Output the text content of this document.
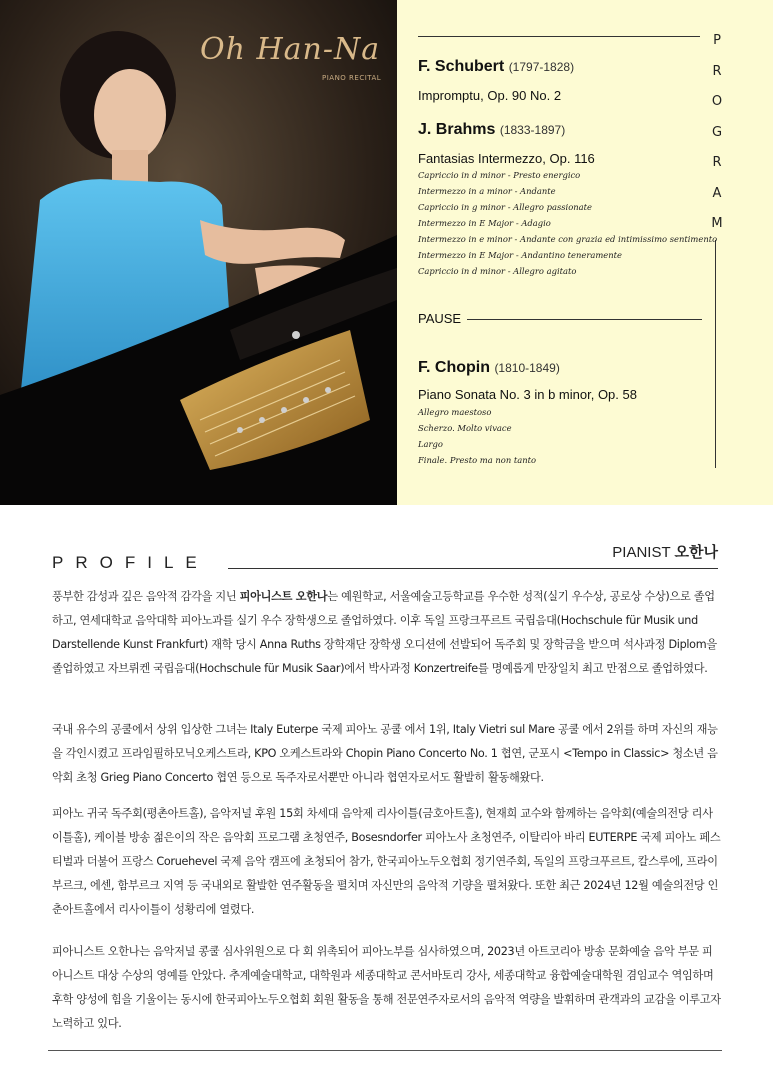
Oh Han-Na
PIANO RECITAL
P
R
O
G
R
A
M
F. Schubert (1797-1828)
Impromptu, Op. 90 No. 2
J. Brahms (1833-1897)
Fantasias Intermezzo, Op. 116
Capriccio in d minor - Presto energico
Intermezzo in a minor - Andante
Capriccio in g minor - Allegro passionate
Intermezzo in E Major - Adagio
Intermezzo in e minor - Andante con grazia ed intimissimo sentimento
Intermezzo in E Major - Andantino teneramente
Capriccio in d minor - Allegro agitato
PAUSE
F. Chopin (1810-1849)
Piano Sonata No. 3 in b minor, Op. 58
Allegro maestoso
Scherzo. Molto vivace
Largo
Finale. Presto ma non tanto
PROFILE
PIANIST 오한나

풍부한 감성과 깊은 음악적 감각을 지닌 피아니스트 오한나는 예원학교, 서울예술고등학교를 우수한 성적(실기 우수상, 공로상 수상)으로 졸업하고, 연세대학교 음악대학 피아노과를 실기 우수 장학생으로 졸업하였다. 이후 독일 프랑크푸르트 국립음대(Hochschule für Musik und Darstellende Kunst Frankfurt) 재학 당시 Anna Ruths 장학재단 장학생 오디션에 선발되어 독주회 및 장학금을 받으며 석사과정 Diplom을 졸업하였고 자브뤼켄 국립음대(Hochschule für Musik Saar)에서 박사과정 Konzertreife를 명예롭게 만장일치 최고 만점으로 졸업하였다.

국내 유수의 공쿨에서 상위 입상한 그녀는 Italy Euterpe 국제 피아노 공쿨 에서 1위, Italy Vietri sul Mare 공쿨 에서 2위를 하며 자신의 재능을 각인시켰고 프라임필하모닉오케스트라, KPO 오케스트라와 Chopin Piano Concerto No. 1 협연, 군포시 <Tempo in Classic> 청소년 음악회 초청 Grieg Piano Concerto 협연 등으로 독주자로서뿐만 아니라 협연자로서도 활발히 활동해왔다.

피아노 귀국 독주회(평촌아트홀), 음악저널 후원 15회 차세대 음악제 리사이틀(금호아트홀), 현재희 교수와 함께하는 음악회(예술의전당 리사이틀홀), 케이블 방송 젊은이의 작은 음악회 프로그램 초청연주, Bosesndorfer 피아노사 초청연주, 이탈리아 바리 EUTERPE 국제 피아노 페스티벌과 더불어 프랑스 Coruehevel 국제 음악 캠프에 초청되어 참가, 한국피아노두오협회 정기연주회, 독일의 프랑크푸르트, 칼스루에, 프라이부르크, 에센, 함부르크 지역 등 국내외로 활발한 연주활동을 펼치며 자신만의 음악적 기량을 펼쳐왔다. 또한 최근 2024년 12월 예술의전당 인춘아트홀에서 리사이틀이 성황리에 열렸다.

피아니스트 오한나는 음악저널 콩쿨 심사위원으로 다 회 위촉되어 피아노부를 심사하였으며, 2023년 아트코리아 방송 문화예술 음악 부문 피아니스트 대상 수상의 영예를 안았다. 추계예술대학교, 대학원과 세종대학교 콘서바토리 강사, 세종대학교 융합예술대학원 겸임교수 역임하며 후학 양성에 힘을 기울이는 동시에 한국피아노두오협회 회원 활동을 통해 전문연주자로서의 음악적 역량을 발휘하며 관객과의 교감을 이루고자 노력하고 있다.
